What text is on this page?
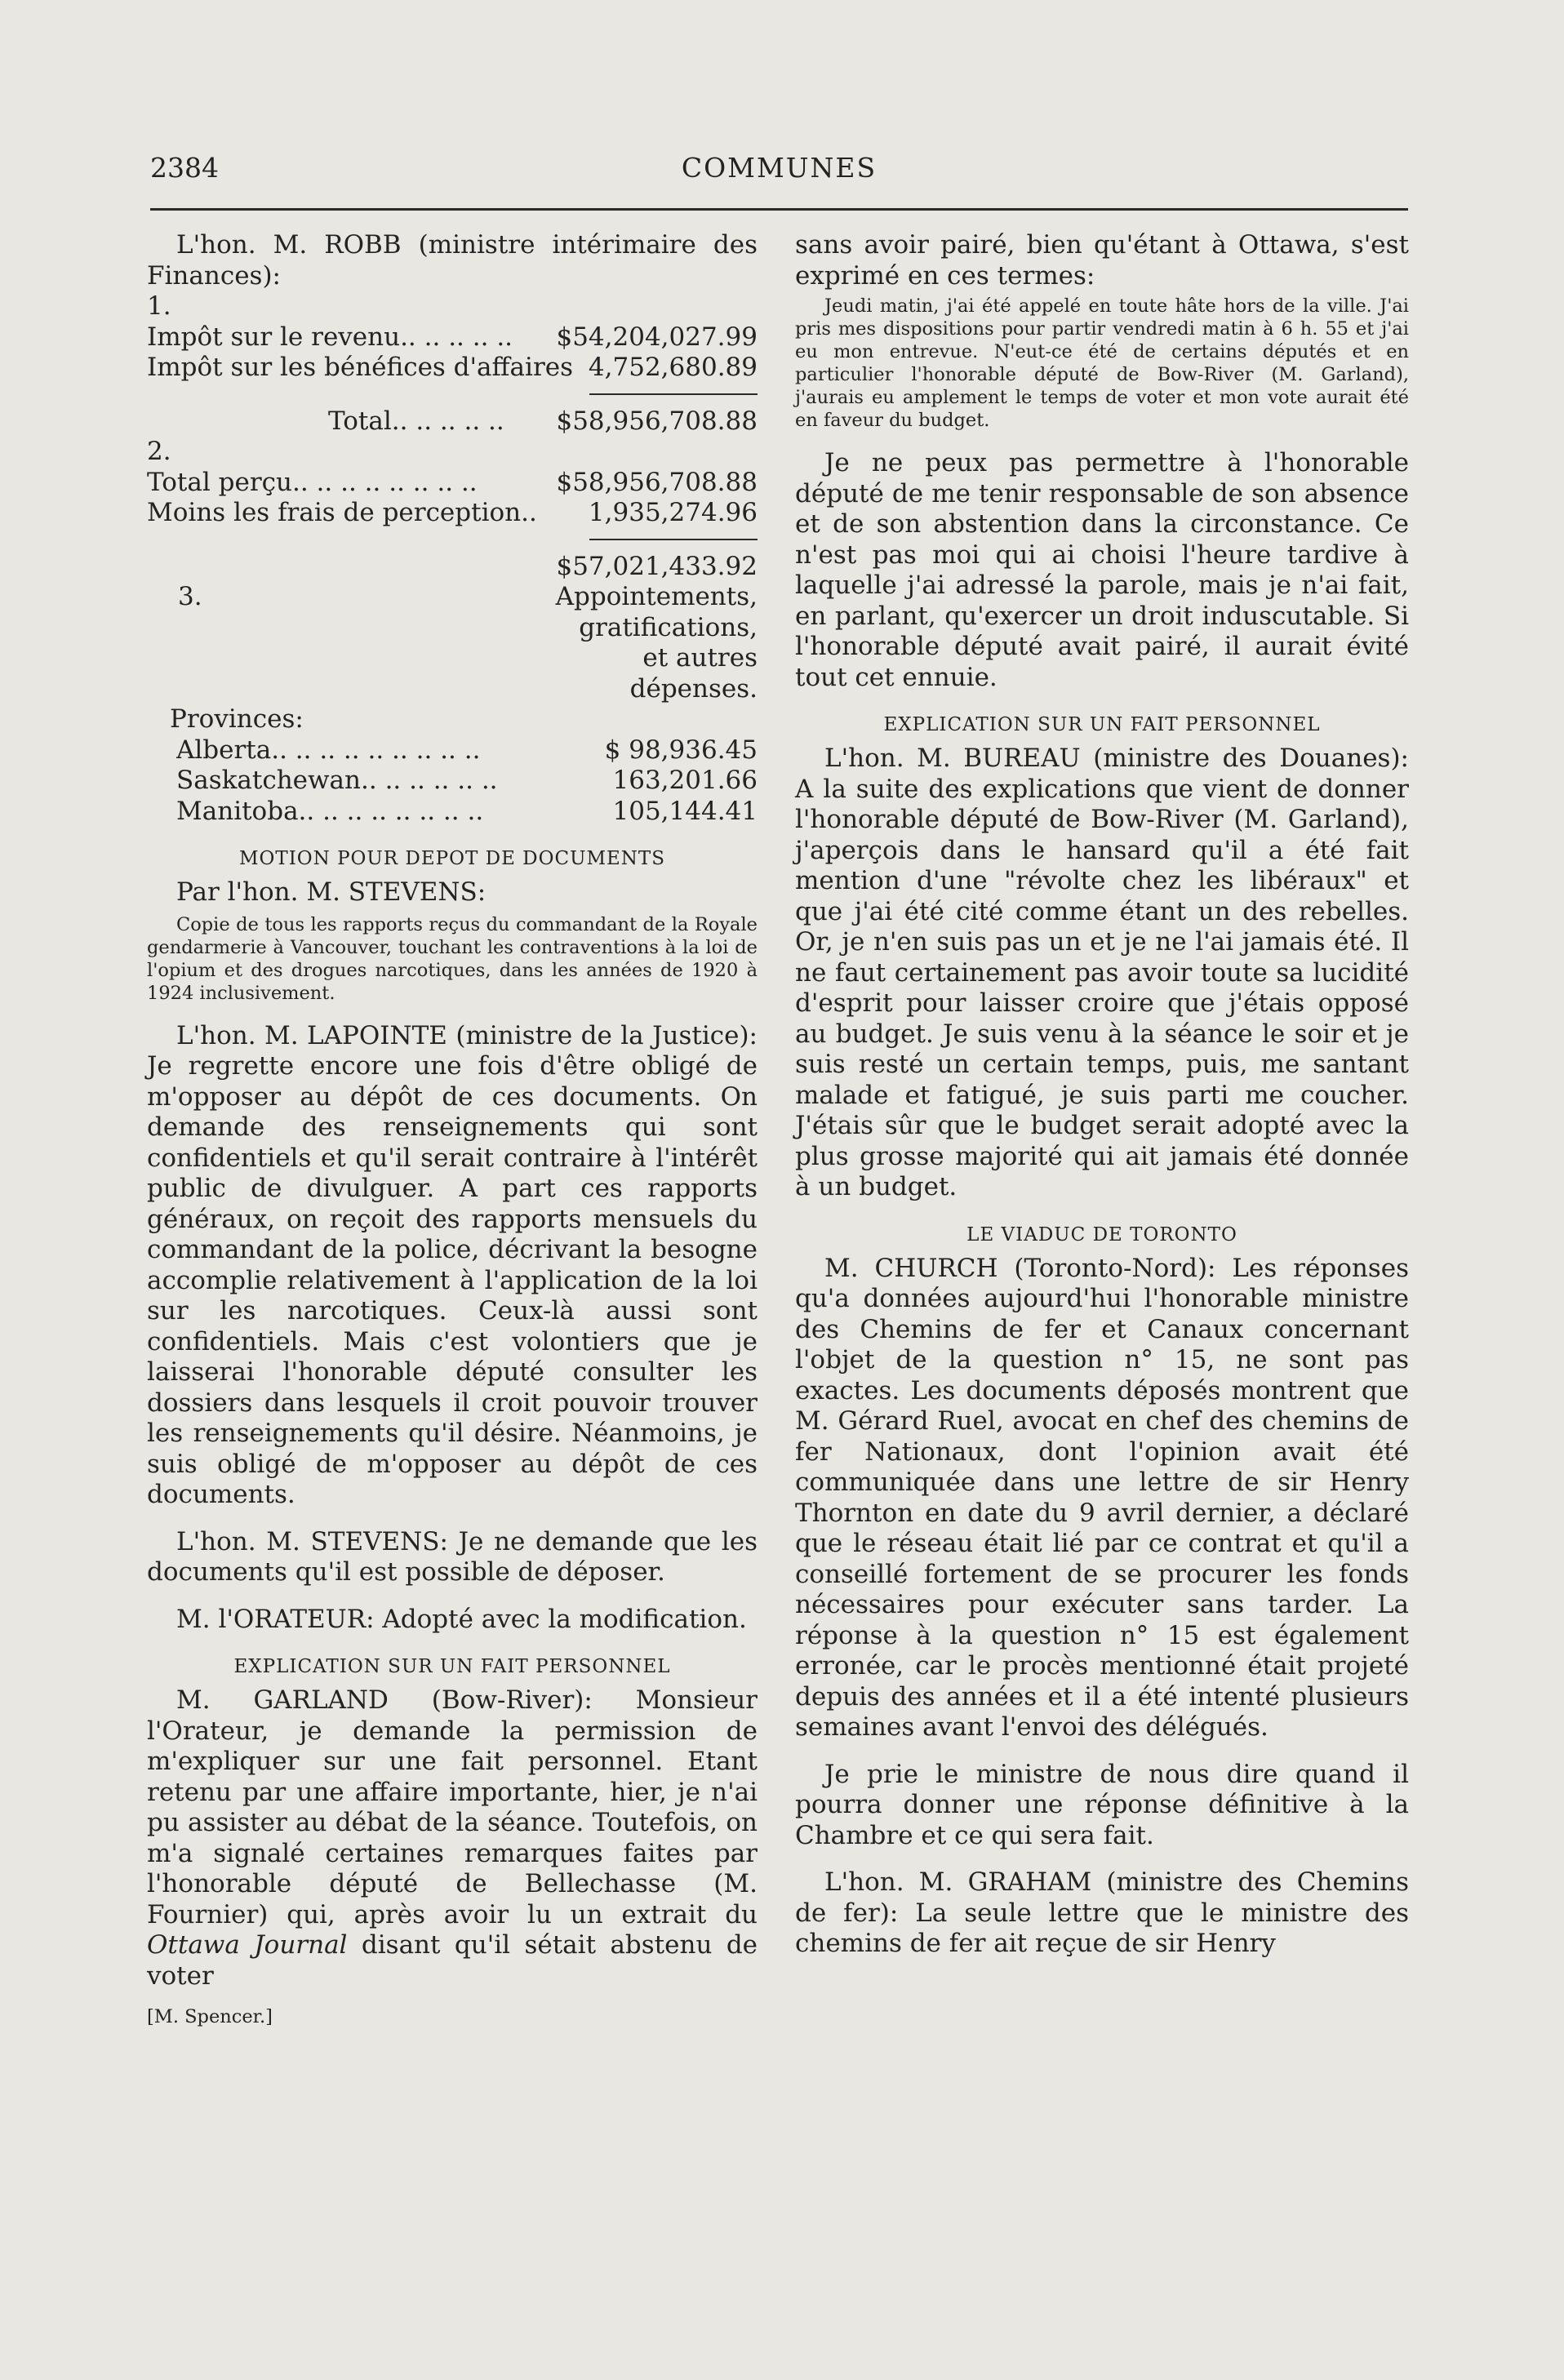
2384	COMMUNES

L'hon. M. ROBB (ministre intérimaire des Finances):

1.
Impôt sur le revenu.. .. .. .. ..	$54,204,027.99
Impôt sur les bénéfices d'affaires 4,752,680.89
Total.. .. .. .. ..	$58,956,708.88
2.
Total perçu.. .. .. .. .. .. .. ..	$58,956,708.88
Moins les frais de perception..	1,935,274.96
$57,021,433.92
3.	Appointements,
gratifications,
et autres
dépenses.
Provinces:
Alberta.. .. .. .. .. .. .. .. ..	$ 98,936.45
Saskatchewan.. .. .. .. .. ..	163,201.66
Manitoba.. .. .. .. .. .. .. ..	105,144.41

MOTION POUR DEPOT DE DOCUMENTS

Par l'hon. M. STEVENS:

Copie de tous les rapports reçus du commandant de la Royale gendarmerie à Vancouver, touchant les contraventions à la loi de l'opium et des drogues narcotiques, dans les années de 1920 à 1924 inclusivement.

L'hon. M. LAPOINTE (ministre de la Justice): Je regrette encore une fois d'être obligé de m'opposer au dépôt de ces documents. On demande des renseignements qui sont confidentiels et qu'il serait contraire à l'intérêt public de divulguer. A part ces rapports généraux, on reçoit des rapports mensuels du commandant de la police, décrivant la besogne accomplie relativement à l'application de la loi sur les narcotiques. Ceux-là aussi sont confidentiels. Mais c'est volontiers que je laisserai l'honorable député consulter les dossiers dans lesquels il croit pouvoir trouver les renseignements qu'il désire. Néanmoins, je suis obligé de m'opposer au dépôt de ces documents.

L'hon. M. STEVENS: Je ne demande que les documents qu'il est possible de déposer.

M. l'ORATEUR: Adopté avec la modification.

EXPLICATION SUR UN FAIT PERSONNEL

M. GARLAND (Bow-River): Monsieur l'Orateur, je demande la permission de m'expliquer sur une fait personnel. Etant retenu par une affaire importante, hier, je n'ai pu assister au débat de la séance. Toutefois, on m'a signalé certaines remarques faites par l'honorable député de Bellechasse (M. Fournier) qui, après avoir lu un extrait du Ottawa Journal disant qu'il sétait abstenu de voter

[M. Spencer.]

sans avoir pairé, bien qu'étant à Ottawa, s'est exprimé en ces termes:

Jeudi matin, j'ai été appelé en toute hâte hors de la ville. J'ai pris mes dispositions pour partir vendredi matin à 6 h. 55 et j'ai eu mon entrevue. N'eut-ce été de certains députés et en particulier l'honorable député de Bow-River (M. Garland), j'aurais eu amplement le temps de voter et mon vote aurait été en faveur du budget.

Je ne peux pas permettre à l'honorable député de me tenir responsable de son absence et de son abstention dans la circonstance. Ce n'est pas moi qui ai choisi l'heure tardive à laquelle j'ai adressé la parole, mais je n'ai fait, en parlant, qu'exercer un droit induscutable. Si l'honorable député avait pairé, il aurait évité tout cet ennuie.

EXPLICATION SUR UN FAIT PERSONNEL

L'hon. M. BUREAU (ministre des Douanes): A la suite des explications que vient de donner l'honorable député de Bow-River (M. Garland), j'aperçois dans le hansard qu'il a été fait mention d'une "révolte chez les libéraux" et que j'ai été cité comme étant un des rebelles. Or, je n'en suis pas un et je ne l'ai jamais été. Il ne faut certainement pas avoir toute sa lucidité d'esprit pour laisser croire que j'étais opposé au budget. Je suis venu à la séance le soir et je suis resté un certain temps, puis, me santant malade et fatigué, je suis parti me coucher. J'étais sûr que le budget serait adopté avec la plus grosse majorité qui ait jamais été donnée à un budget.

LE VIADUC DE TORONTO

M. CHURCH (Toronto-Nord): Les réponses qu'a données aujourd'hui l'honorable ministre des Chemins de fer et Canaux concernant l'objet de la question n° 15, ne sont pas exactes. Les documents déposés montrent que M. Gérard Ruel, avocat en chef des chemins de fer Nationaux, dont l'opinion avait été communiquée dans une lettre de sir Henry Thornton en date du 9 avril dernier, a déclaré que le réseau était lié par ce contrat et qu'il a conseillé fortement de se procurer les fonds nécessaires pour exécuter sans tarder. La réponse à la question n° 15 est également erronée, car le procès mentionné était projeté depuis des années et il a été intenté plusieurs semaines avant l'envoi des délégués.

Je prie le ministre de nous dire quand il pourra donner une réponse définitive à la Chambre et ce qui sera fait.

L'hon. M. GRAHAM (ministre des Chemins de fer): La seule lettre que le ministre des chemins de fer ait reçue de sir Henry
